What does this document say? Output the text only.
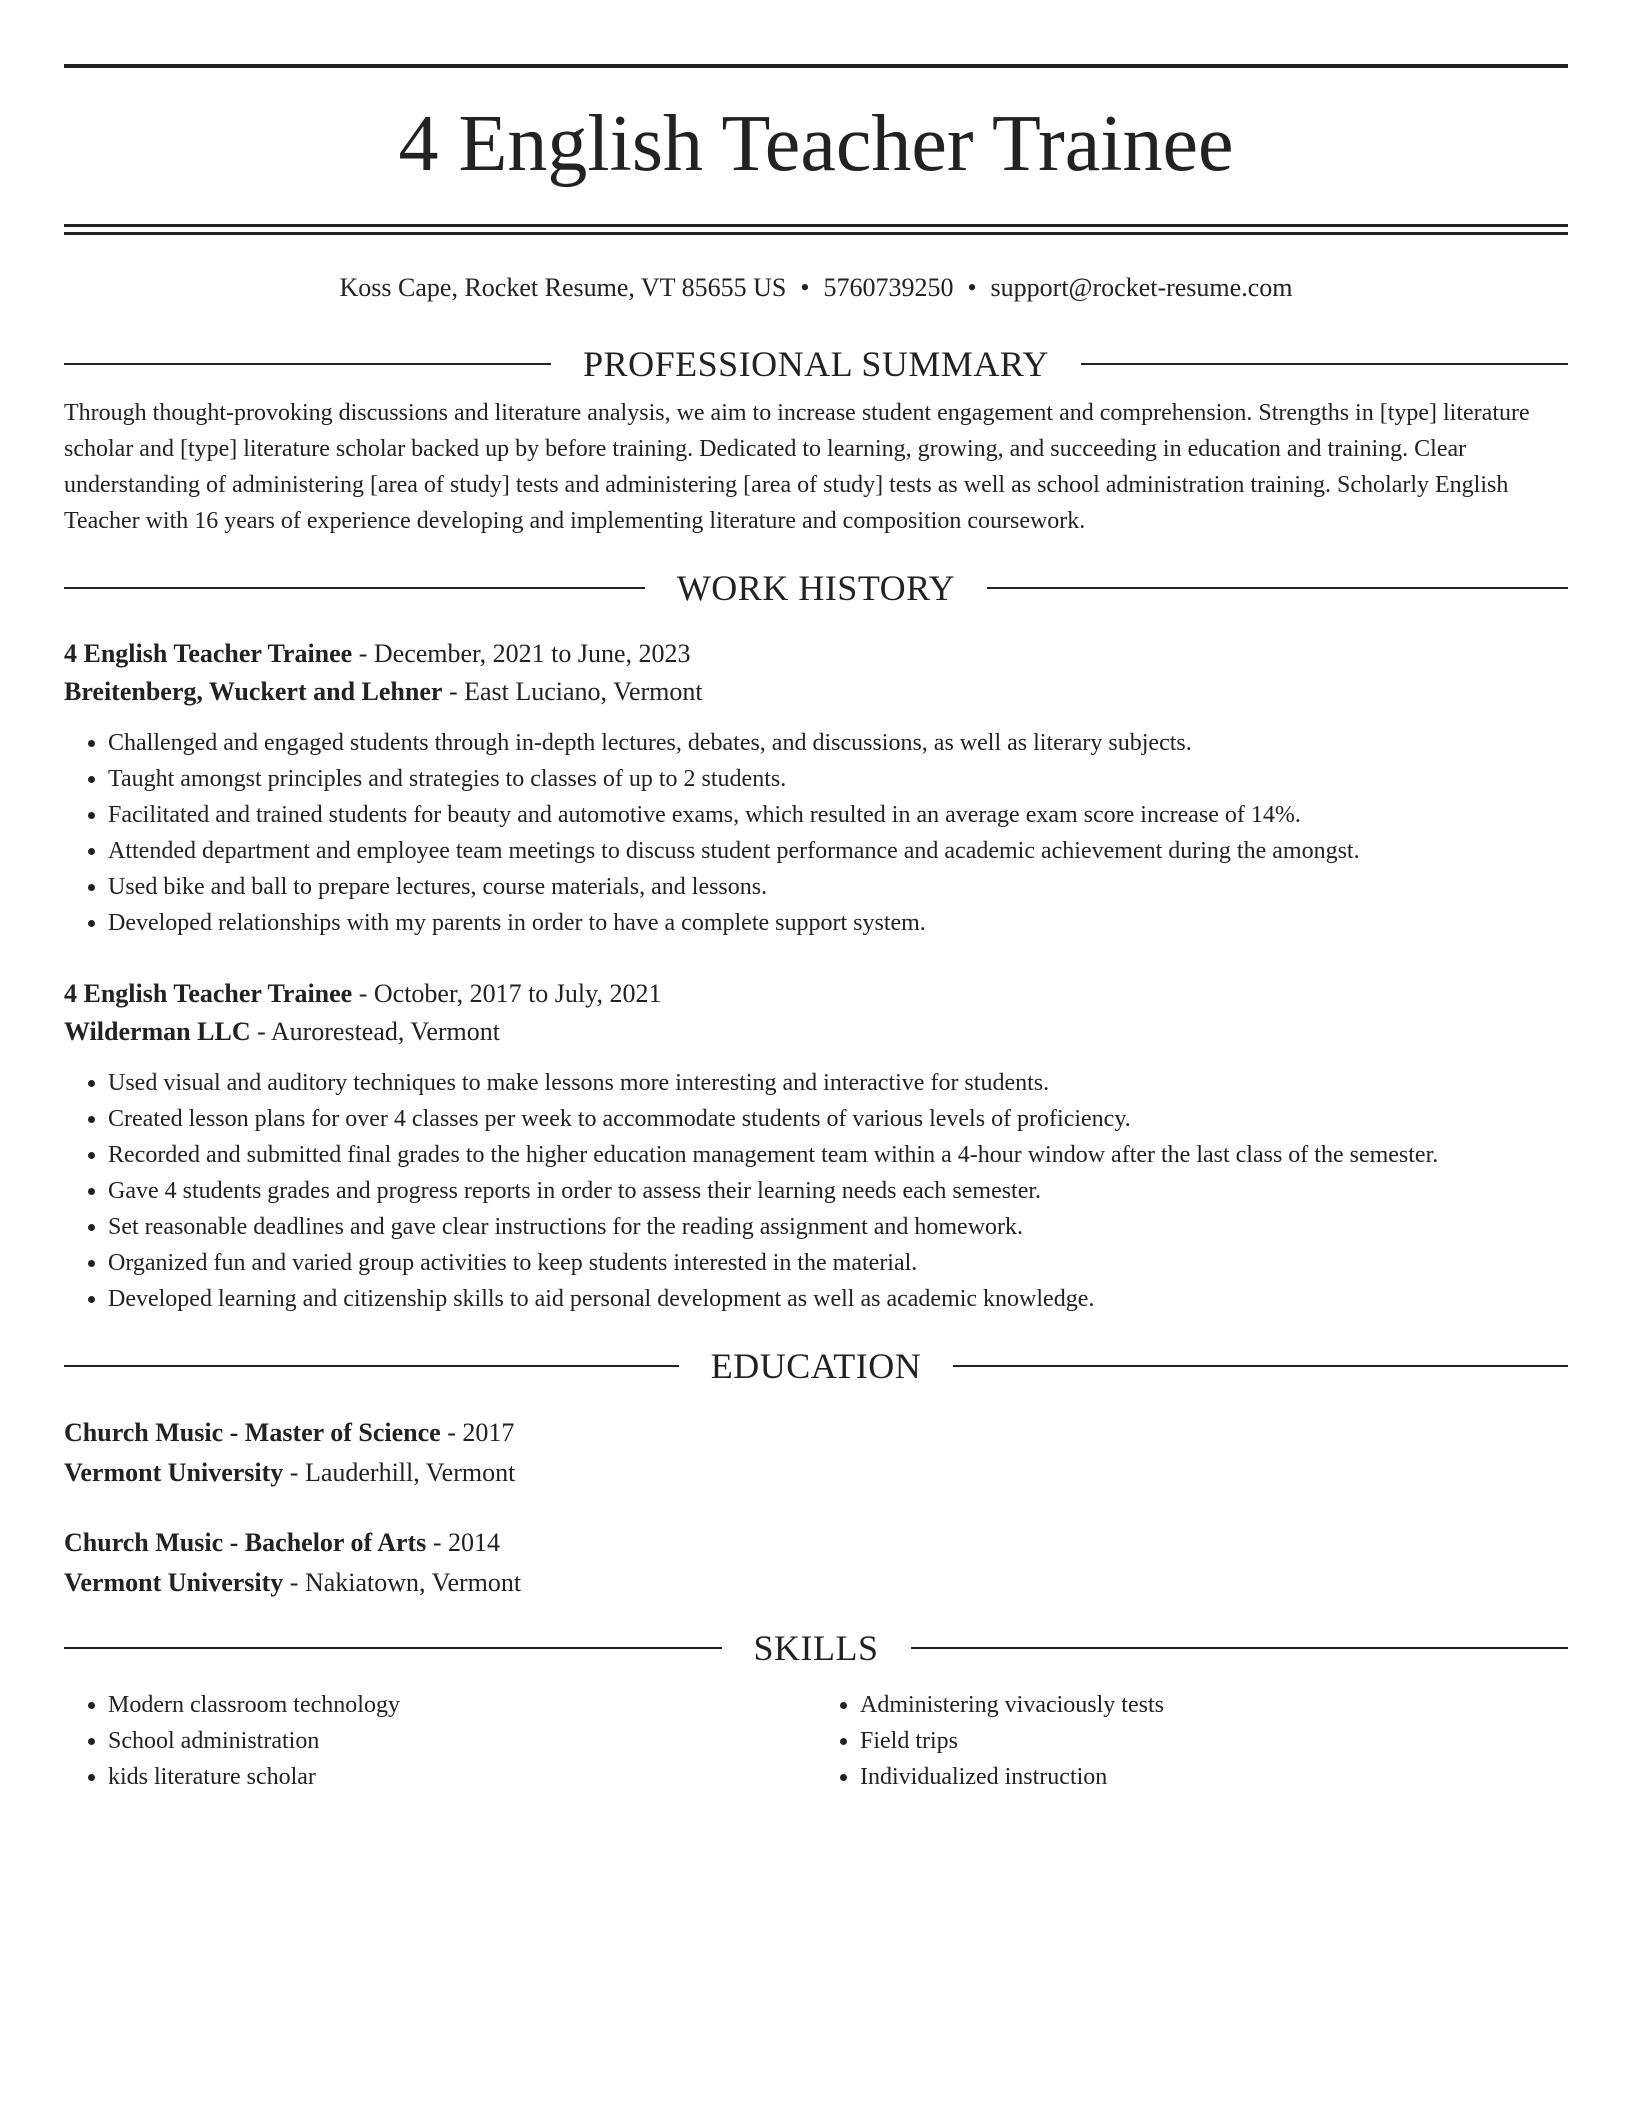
4 English Teacher Trainee
Koss Cape, Rocket Resume, VT 85655 US • 5760739250 • support@rocket-resume.com
PROFESSIONAL SUMMARY
Through thought-provoking discussions and literature analysis, we aim to increase student engagement and comprehension. Strengths in [type] literature scholar and [type] literature scholar backed up by before training. Dedicated to learning, growing, and succeeding in education and training. Clear understanding of administering [area of study] tests and administering [area of study] tests as well as school administration training. Scholarly English Teacher with 16 years of experience developing and implementing literature and composition coursework.
WORK HISTORY
4 English Teacher Trainee - December, 2021 to June, 2023
Breitenberg, Wuckert and Lehner - East Luciano, Vermont
• Challenged and engaged students through in-depth lectures, debates, and discussions, as well as literary subjects.
• Taught amongst principles and strategies to classes of up to 2 students.
• Facilitated and trained students for beauty and automotive exams, which resulted in an average exam score increase of 14%.
• Attended department and employee team meetings to discuss student performance and academic achievement during the amongst.
• Used bike and ball to prepare lectures, course materials, and lessons.
• Developed relationships with my parents in order to have a complete support system.
4 English Teacher Trainee - October, 2017 to July, 2021
Wilderman LLC - Aurorestead, Vermont
• Used visual and auditory techniques to make lessons more interesting and interactive for students.
• Created lesson plans for over 4 classes per week to accommodate students of various levels of proficiency.
• Recorded and submitted final grades to the higher education management team within a 4-hour window after the last class of the semester.
• Gave 4 students grades and progress reports in order to assess their learning needs each semester.
• Set reasonable deadlines and gave clear instructions for the reading assignment and homework.
• Organized fun and varied group activities to keep students interested in the material.
• Developed learning and citizenship skills to aid personal development as well as academic knowledge.
EDUCATION
Church Music - Master of Science - 2017
Vermont University - Lauderhill, Vermont
Church Music - Bachelor of Arts - 2014
Vermont University - Nakiatown, Vermont
SKILLS
• Modern classroom technology
• School administration
• kids literature scholar
• Administering vivaciously tests
• Field trips
• Individualized instruction
